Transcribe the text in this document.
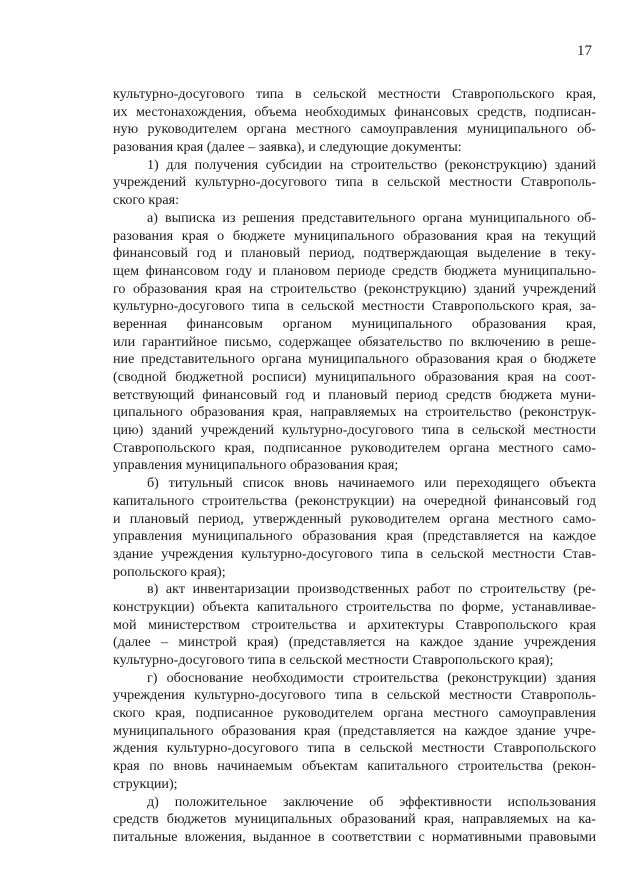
17
культурно-досугового типа в сельской местности Ставропольского края,
их местонахождения, объема необходимых финансовых средств, подписан-
ную руководителем органа местного самоуправления муниципального об-
разования края (далее – заявка), и следующие документы:
1) для получения субсидии на строительство (реконструкцию) зданий
учреждений культурно-досугового типа в сельской местности Ставрополь-
ского края:
а) выписка из решения представительного органа муниципального об-
разования края о бюджете муниципального образования края на текущий
финансовый год и плановый период, подтверждающая выделение в теку-
щем финансовом году и плановом периоде средств бюджета муниципально-
го образования края на строительство (реконструкцию) зданий учреждений
культурно-досугового типа в сельской местности Ставропольского края, за-
веренная финансовым органом муниципального образования края,
или гарантийное письмо, содержащее обязательство по включению в реше-
ние представительного органа муниципального образования края о бюджете
(сводной бюджетной росписи) муниципального образования края на соот-
ветствующий финансовый год и плановый период средств бюджета муни-
ципального образования края, направляемых на строительство (реконструк-
цию) зданий учреждений культурно-досугового типа в сельской местности
Ставропольского края, подписанное руководителем органа местного само-
управления муниципального образования края;
б) титульный список вновь начинаемого или переходящего объекта
капитального строительства (реконструкции) на очередной финансовый год
и плановый период, утвержденный руководителем органа местного само-
управления муниципального образования края (представляется на каждое
здание учреждения культурно-досугового типа в сельской местности Став-
ропольского края);
в) акт инвентаризации производственных работ по строительству (ре-
конструкции) объекта капитального строительства по форме, устанавливае-
мой министерством строительства и архитектуры Ставропольского края
(далее – минстрой края) (представляется на каждое здание учреждения
культурно-досугового типа в сельской местности Ставропольского края);
г) обоснование необходимости строительства (реконструкции) здания
учреждения культурно-досугового типа в сельской местности Ставрополь-
ского края, подписанное руководителем органа местного самоуправления
муниципального образования края (представляется на каждое здание учре-
ждения культурно-досугового типа в сельской местности Ставропольского
края по вновь начинаемым объектам капитального строительства (рекон-
струкции);
д) положительное заключение об эффективности использования
средств бюджетов муниципальных образований края, направляемых на ка-
питальные вложения, выданное в соответствии с нормативными правовыми
